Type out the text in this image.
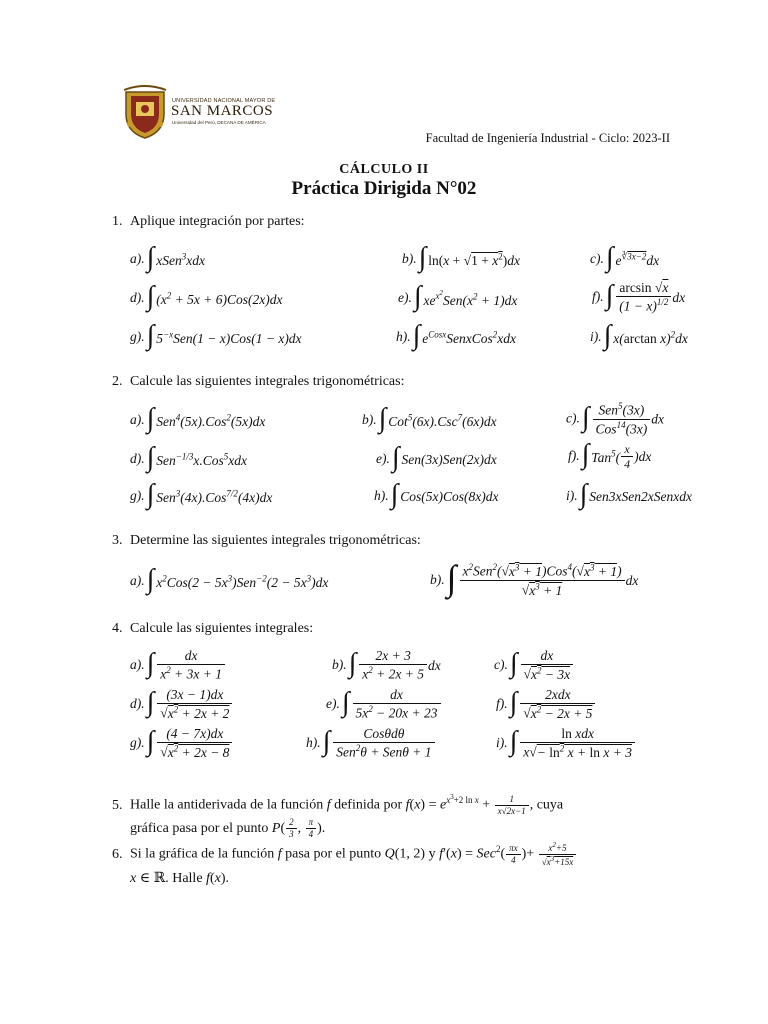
UNIVERSIDAD NACIONAL MAYOR DE
SAN MARCOS
Universidad del Perú, DECANA DE AMÉRICA
Facultad de Ingeniería Industrial - Ciclo: 2023-II
CÁLCULO II
Práctica Dirigida N°02
1. Aplique integración por partes:
a).∫ xSen$^3$xdx	b).∫ $\ln(x + √1 + x^2)dx$	c).∫ $e^{∛3x-2}dx$
d).∫ $(x^2 + 5x + 6)Cos(2x)dx$	e).∫ $xe^{x^2}Sen(x^2 + 1)dx$	$f).\int \frac{\arcsin √x}{(1 - x)^{1/2}}$ dx
g).∫ $5^{-x}Sen(1 - x)Cos(1 - x)dx$	h).∫ $e^{Cosx}SenxCos^2xdx$	i).∫ x(arctan x)$^2$dx
2. Calcule las siguientes integrales trigonométricas:
a).∫ Sen$^4$(5x).Cos$^2$(5x)dx	b).∫ Cot$^5$(6x).Csc$^7$(6x)dx	$c).\int \frac{Sen^5(3x)}{Cos^{14}(3x)}$ dx
d).∫ Sen$^{-1/3}$x.Cos$^5$xdx	e).∫ Sen(3x)Sen(2x)dx	f).∫ $Tan^5( \frac{x}{4} )dx$
g).∫ Sen$^3$(4x).Cos$^{7/2}$(4x)dx	h).∫ Cos(5x)Cos(8x)dx	i).∫ Sen3xSen2xSenxdx
3. Determine las siguientes integrales trigonométricas:
a).∫ $x^2Cos(2 - 5x^3)Sen^{-2}(2 - 5x^3)dx$	$b).\int \frac{x^2Sen^2(√x^3 + 1)Cos^4(√x^3 + 1)}{√x^3 + 1}$ dx
4. Calcule las siguientes integrales:
$a).\int \frac{dx}{x^2 + 3x + 1}$	$b).\int \frac{2x + 3}{x^2 + 2x + 5}$ dx	$c).\int \frac{dx}{√x^2 - 3x}$
$d).\int \frac{(3x - 1)dx}{√x^2 + 2x + 2}$	$e).\int \frac{dx}{5x^2 - 20x + 23}$	$f).\int \frac{\text{2xdx}}{√x^2 - 2x + 5}$
$g).\int \frac{(4 - 7x)dx}{√x^2 + 2x - 8}$	$h).\int \frac{\text{Cosθdθ}}{Sen^2\theta + Sen\theta + 1}$	$i).\int \frac{\text{ln xdx}}{x√- \ln^2 x + \ln x + 3}$
5. Halle la antiderivada de la función f definida por $f(x) = e^{x^3+2 ln x} + \frac{1}{x√2x-1}$ , cuya
gráfica pasa por el punto $P( \frac{2}{3}$ , $\frac{\pi}{4}$ ).
6. Si la gráfica de la función f pasa por el punto Q(1, 2) y $f'(x) = Sec^2( \frac{\pi x}{4}$ )+ $\frac{x^2+5}{√x^3+15x}$

x ∈ ℝ. Halle f(x).
